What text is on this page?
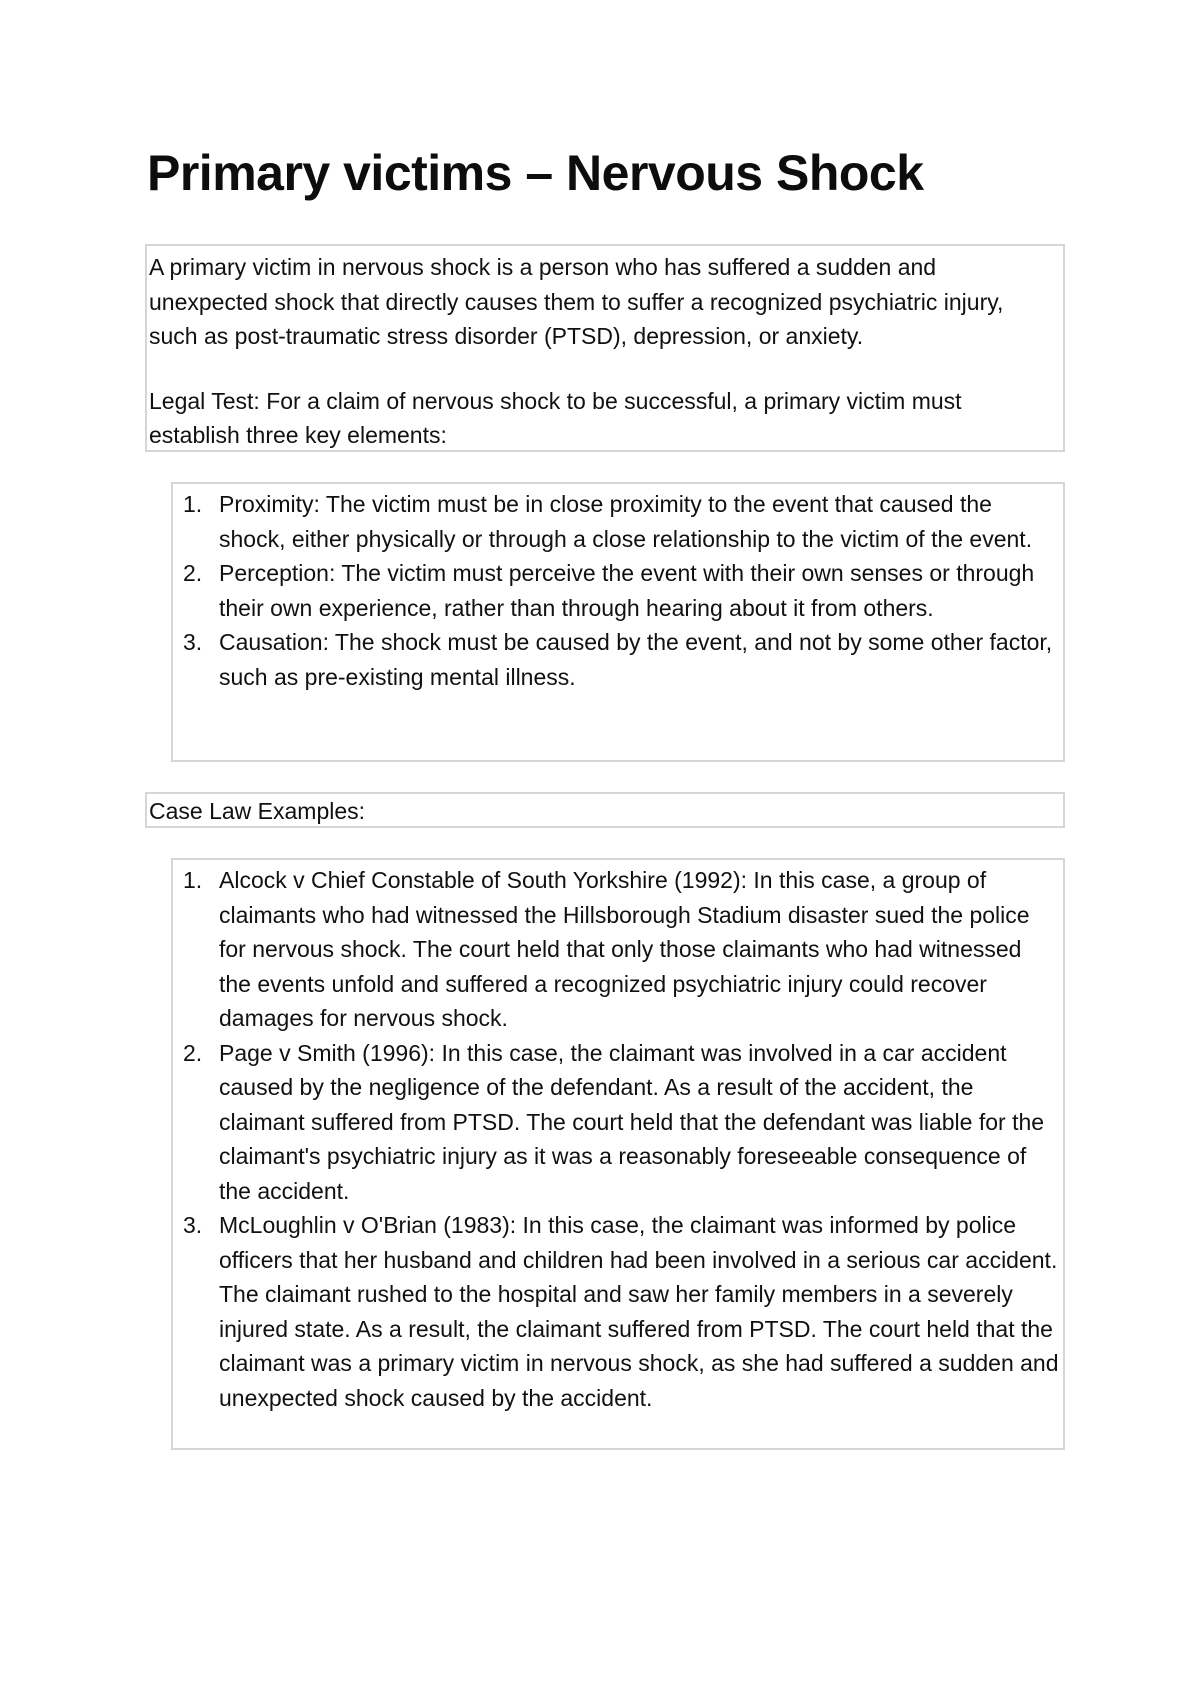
Primary victims – Nervous Shock

A primary victim in nervous shock is a person who has suffered a sudden and unexpected shock that directly causes them to suffer a recognized psychiatric injury, such as post-traumatic stress disorder (PTSD), depression, or anxiety.

Legal Test: For a claim of nervous shock to be successful, a primary victim must establish three key elements:

1. Proximity: The victim must be in close proximity to the event that caused the shock, either physically or through a close relationship to the victim of the event.
2. Perception: The victim must perceive the event with their own senses or through their own experience, rather than through hearing about it from others.
3. Causation: The shock must be caused by the event, and not by some other factor, such as pre-existing mental illness.

Case Law Examples:

1. Alcock v Chief Constable of South Yorkshire (1992): In this case, a group of claimants who had witnessed the Hillsborough Stadium disaster sued the police for nervous shock. The court held that only those claimants who had witnessed the events unfold and suffered a recognized psychiatric injury could recover damages for nervous shock.
2. Page v Smith (1996): In this case, the claimant was involved in a car accident caused by the negligence of the defendant. As a result of the accident, the claimant suffered from PTSD. The court held that the defendant was liable for the claimant's psychiatric injury as it was a reasonably foreseeable consequence of the accident.
3. McLoughlin v O'Brian (1983): In this case, the claimant was informed by police officers that her husband and children had been involved in a serious car accident. The claimant rushed to the hospital and saw her family members in a severely injured state. As a result, the claimant suffered from PTSD. The court held that the claimant was a primary victim in nervous shock, as she had suffered a sudden and unexpected shock caused by the accident.
